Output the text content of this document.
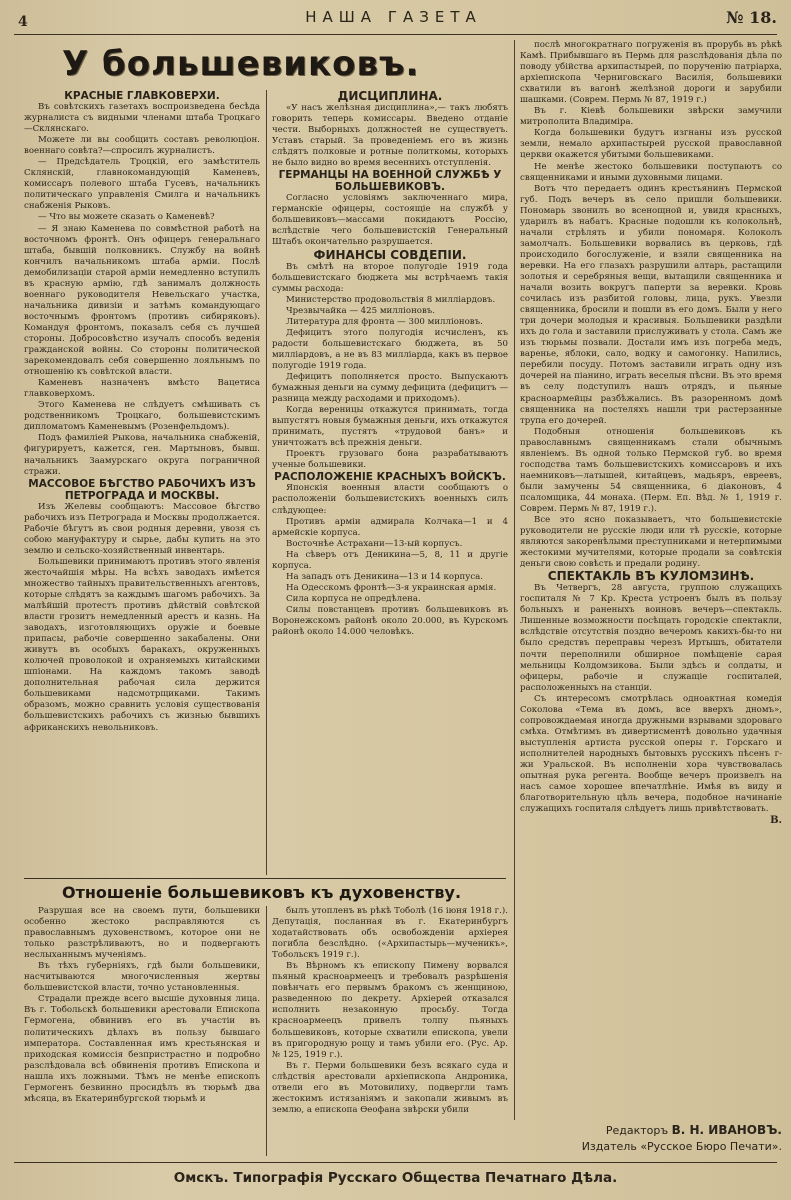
4	НАША ГАЗЕТА	№ 18.
У большевиковъ.

КРАСНЫЕ ГЛАВКОВЕРХИ.

Въ совѣтскихъ газетахъ воспроизведена бесѣда журналиста съ видными членами штаба Троцкаго—Склянскаго.

Можете ли вы сообщить составъ революціон. военнаго совѣта?—спросилъ журналистъ.

— Предсѣдатель Троцкій, его замѣститель Склянскій, главнокомандующій Каменевъ, комиссаръ полевого штаба Гусевъ, начальникъ политическаго управленія Смилга и начальникъ снабженія Рыковъ.

— Что вы можете сказать о Каменевѣ?

— Я знаю Каменева по совмѣстной работѣ на восточномъ фронтѣ. Онъ офицеръ генеральнаго штаба, бывшій полковникъ. Службу на войнѣ кончилъ начальникомъ штаба арміи. Послѣ демобилизаціи старой арміи немедленно вступилъ въ красную армію, гдѣ занималъ должность военнаго руководителя Невельскаго участка, начальника дивизіи и затѣмъ командующаго восточнымъ фронтомъ (противъ сибиряковъ). Командуя фронтомъ, показалъ себя съ лучшей стороны. Добросовѣстно изучалъ способъ веденія гражданской войны. Со стороны политической зарекомендовалъ себя совершенно лояльнымъ по отношенію къ совѣтской власти.

Каменевъ назначенъ вмѣсто Вацетиса главковерхомъ.

Этого Каменева не слѣдуетъ смѣшивать съ родственникомъ Троцкаго, большевистскимъ дипломатомъ Каменевымъ (Розенфельдомъ).

Подъ фамиліей Рыкова, начальника снабженій, фигурируетъ, кажется, ген. Мартыновъ, бывш. начальникъ Заамурскаго округа пограничной стражи.

МАССОВОЕ БѢГСТВО РАБОЧИХЪ ИЗЪ ПЕТРОГРАДА И МОСКВЫ.

Изъ Желевы сообщаютъ: Массовое бѣгство рабочихъ изъ Петрограда и Москвы продолжается. Рабочіе бѣгутъ въ свои родныя деревни, увозя съ собою мануфактуру и сырье, дабы купить на это землю и сельско-хозяйственный инвентарь.

Большевики принимаютъ противъ этого явленія жесточайшія мѣры. На всѣхъ заводахъ имѣется множество тайныхъ правительственныхъ агентовъ, которые слѣдятъ за каждымъ шагомъ рабочихъ. За малѣйшій протестъ противъ дѣйствій совѣтской власти грозитъ немедленный арестъ и казнь. На заводахъ, изготовляющихъ оружіе и боевые припасы, рабочіе совершенно закабалены. Они живутъ въ особыхъ баракахъ, окруженныхъ колючей проволокой и охраняемыхъ китайскими шпіонами. На каждомъ такомъ заводѣ дополнительная рабочая сила держится большевиками надсмотрщиками. Такимъ образомъ, можно сравнить условія существованія большевистскихъ рабочихъ съ жизнью бывшихъ африканскихъ невольниковъ.

ДИСЦИПЛИНА.

«У насъ желѣзная дисциплина»,— такъ любятъ говорить теперь комиссары. Введено отданіе чести. Выборныхъ должностей не существуетъ. Уставъ старый. За проведеніемъ его въ жизнь слѣдятъ полковые и ротные политкомы, которыхъ не было видно во время весеннихъ отступленія.

ГЕРМАНЦЫ НА ВОЕННОЙ СЛУЖБѢ У БОЛЬШЕВИКОВЪ.

Согласно условіямъ заключеннаго мира, германскіе офицеры, состоящіе на службѣ у большевиковъ—массами покидаютъ Россію, вслѣдствіе чего большевистскій Генеральный Штабъ окончательно разрушается.

ФИНАНСЫ СОВДЕПІИ.

Въ смѣтѣ на второе полугодіе 1919 года большевистскаго бюджета мы встрѣчаемъ такія суммы расхода:

Министерство продовольствія 8 милліардовъ.

Чрезвычайка — 425 милліоновъ.

Литература для фронта — 300 милліоновъ.

Дефицитъ этого полугодія исчисленъ, къ радости большевистскаго бюджета, въ 50 милліардовъ, а не въ 83 милліарда, какъ въ первое полугодіе 1919 года.

Дефицитъ пополняется просто. Выпускаютъ бумажныя деньги на сумму дефицита (дефицитъ — разница между расходами и приходомъ).

Когда вереницы откажутся принимать, тогда выпустятъ новыя бумажныя деньги, ихъ откажутся принимать, пустятъ «трудовой банъ» и уничтожатъ всѣ прежнія деньги.

Проектъ грузоваго бона разрабатываютъ ученые большевики.

РАСПОЛОЖЕНІЕ КРАСНЫХЪ ВОЙСКЪ.

Японскія военныя власти сообщаютъ о расположеніи большевистскихъ военныхъ силъ слѣдующее:

Противъ арміи адмирала Колчака—1 и 4 армейскіе корпуса.

Восточнѣе Астрахани—13-ый корпусъ.

На сѣверъ отъ Деникина—5, 8, 11 и другіе корпуса.

На западъ отъ Деникина—13 и 14 корпуса.

На Одесскомъ фронтѣ—3-я украинская армія.

Сила корпуса не опредѣлена.

Силы повстанцевъ противъ большевиковъ въ Воронежскомъ районѣ около 20.000, въ Курскомъ районѣ около 14.000 человѣкъ.

Отношеніе большевиковъ къ духовенству.

Разрушая все на своемъ пути, большевики особенно жестоко расправляются съ православнымъ духовенствомъ, которое они не только разстрѣливаютъ, но и подвергаютъ неслыханнымъ мученіямъ.

Въ тѣхъ губерніяхъ, гдѣ были большевики, насчитываются многочисленныя жертвы большевистской власти, точно установленныя.

Страдали прежде всего высшіе духовныя лица. Въ г. Тобольскѣ большевики арестовали Епископа Гермогена, обвинивъ его въ участіи въ политическихъ дѣлахъ въ пользу бывшаго императора. Составленная имъ крестьянская и приходская комиссія безпристрастно и подробно разслѣдовала всѣ обвиненія противъ Епископа и нашла ихъ ложными. Тѣмъ не менѣе епископъ Гермогенъ безвинно просидѣлъ въ тюрьмѣ два мѣсяца, въ Екатеринбургской тюрьмѣ и

былъ утопленъ въ рѣкѣ Тоболѣ (16 іюня 1918 г.). Депутація, посланная въ г. Екатеринбургъ ходатайствовать объ освобожденіи архіерея погибла безслѣдно. («Архипастырь—мученикъ», Тобольскъ 1919 г.).

Въ Вѣрномъ къ епископу Пимену ворвался пьяный красноармеецъ и требовалъ разрѣшенія повѣнчать его первымъ бракомъ съ женщиною, разведенною по декрету. Архіерей отказался исполнить незаконную просьбу. Тогда красноармеецъ привелъ толпу пьяныхъ большевиковъ, которые схватили епископа, увели въ пригородную рощу и тамъ убили его. (Рус. Ар. № 125, 1919 г.).

Въ г. Перми большевики безъ всякаго суда и слѣдствія арестовали архіепископа Андроника, отвели его въ Мотовилиху, подвергли тамъ жестокимъ истязаніямъ и закопали живымъ въ землю, а епископа Ѳеофана звѣрски убили

послѣ многократнаго погруженія въ прорубь въ рѣкѣ Камѣ. Прибывшаго въ Пермь для разслѣдованія дѣла по поводу убійства архипастырей, по порученію патріарха, архіепископа Черниговскаго Василія, большевики схватили въ вагонѣ желѣзной дороги и зарубили шашками. (Соврем. Пермь № 87, 1919 г.)

Въ г. Кіевѣ большевики звѣрски замучили митрополита Владиміра.

Когда большевики будутъ изгнаны изъ русской земли, немало архипастырей русской православной церкви окажется убитыми большевиками.

Не менѣе жестоко большевики поступаютъ со священниками и иными духовными лицами.

Вотъ что передаетъ одинъ крестьянинъ Пермской губ. Подъ вечеръ въ село пришли большевики. Пономарь звонилъ во всенощной и, увидя красныхъ, ударилъ въ набатъ. Красные подошли къ колокольнѣ, начали стрѣлять и убили пономаря. Колоколъ замолчалъ. Большевики ворвались въ церковь, гдѣ происходило богослуженіе, и взяли священника на веревки. На его глазахъ разрушили алтарь, растащили золотыя и серебряныя вещи, вытащили священника и начали возить вокругъ паперти за веревки. Кровь сочилась изъ разбитой головы, лица, рукъ. Увезли священника, бросили и пошли въ его домъ. Были у него три дочери молодыя и красивыя. Большевики раздѣли ихъ до гола и заставили прислуживать у стола. Самъ же изъ тюрьмы позвали. Достали имъ изъ погреба медъ, варенье, яблоки, сало, водку и самогонку. Напились, перебили посуду. Потомъ заставили играть одну изъ дочерей на піанино, играть веселыя пѣсни. Въ это время въ селу подступилъ нашъ отрядъ, и пьяные красноармейцы разбѣжались. Въ разоренномъ домѣ священника на постеляхъ нашли три растерзанные трупа его дочерей.

Подобныя отношенія большевиковъ къ православнымъ священникамъ стали обычнымъ явленіемъ. Въ одной только Пермской губ. во время господства тамъ большевистскихъ комиссаровъ и ихъ наемниковъ—латышей, китайцевъ, мадьяръ, евреевъ, были замучены 54 священника, 6 діаконовъ, 4 псаломщика, 44 монаха. (Перм. Еп. Вѣд. № 1, 1919 г. Соврем. Пермь № 87, 1919 г.).

Все это ясно показываетъ, что большевистскіе руководители не русскіе люди или тѣ русскіе, которые являются закоренѣлыми преступниками и нетерпимыми жестокими мучителями, которые продали за совѣтскія деньги свою совѣсть и предали родину.

СПЕКТАКЛЬ ВЪ КУЛОМЗИНѢ.

Въ Четвергъ, 28 августа, группою служащихъ госпиталя № 7 Кр. Креста устроенъ былъ въ пользу больныхъ и раненыхъ воиновъ вечеръ—спектакль. Лишенные возможности посѣщать городскіе спектакли, вслѣдствіе отсутствія поздно вечеромъ какихъ-бы-то ни было средствъ переправы черезъ Иртышъ, обитатели почти переполнили обширное помѣщеніе сарая мельницы Колдомзикова. Были здѣсь и солдаты, и офицеры, рабочіе и служащіе госпиталей, расположенныхъ на станціи.

Съ интересомъ смотрѣлась одноактная комедія Соколова «Тема въ домъ, все вверхъ дномъ», сопровождаемая иногда дружными взрывами здороваго смѣха. Отмѣтимъ въ дивертисментѣ довольно удачныя выступленія артиста русской оперы г. Горскаго и исполнителей народныхъ бытовыхъ русскихъ пѣсенъ г-жи Уральской. Въ исполненіи хора чувствовалась опытная рука регента. Вообще вечеръ произвелъ на насъ самое хорошее впечатлѣніе. Имѣя въ виду и благотворительную цѣль вечера, подобное начинаніе служащихъ госпиталя слѣдуетъ лишь привѣтствовать.

В.

Редакторъ В. Н. ИВАНОВЪ.
Издатель «Русское Бюро Печати».
Омскъ. Типографія Русскаго Общества Печатнаго Дѣла.
